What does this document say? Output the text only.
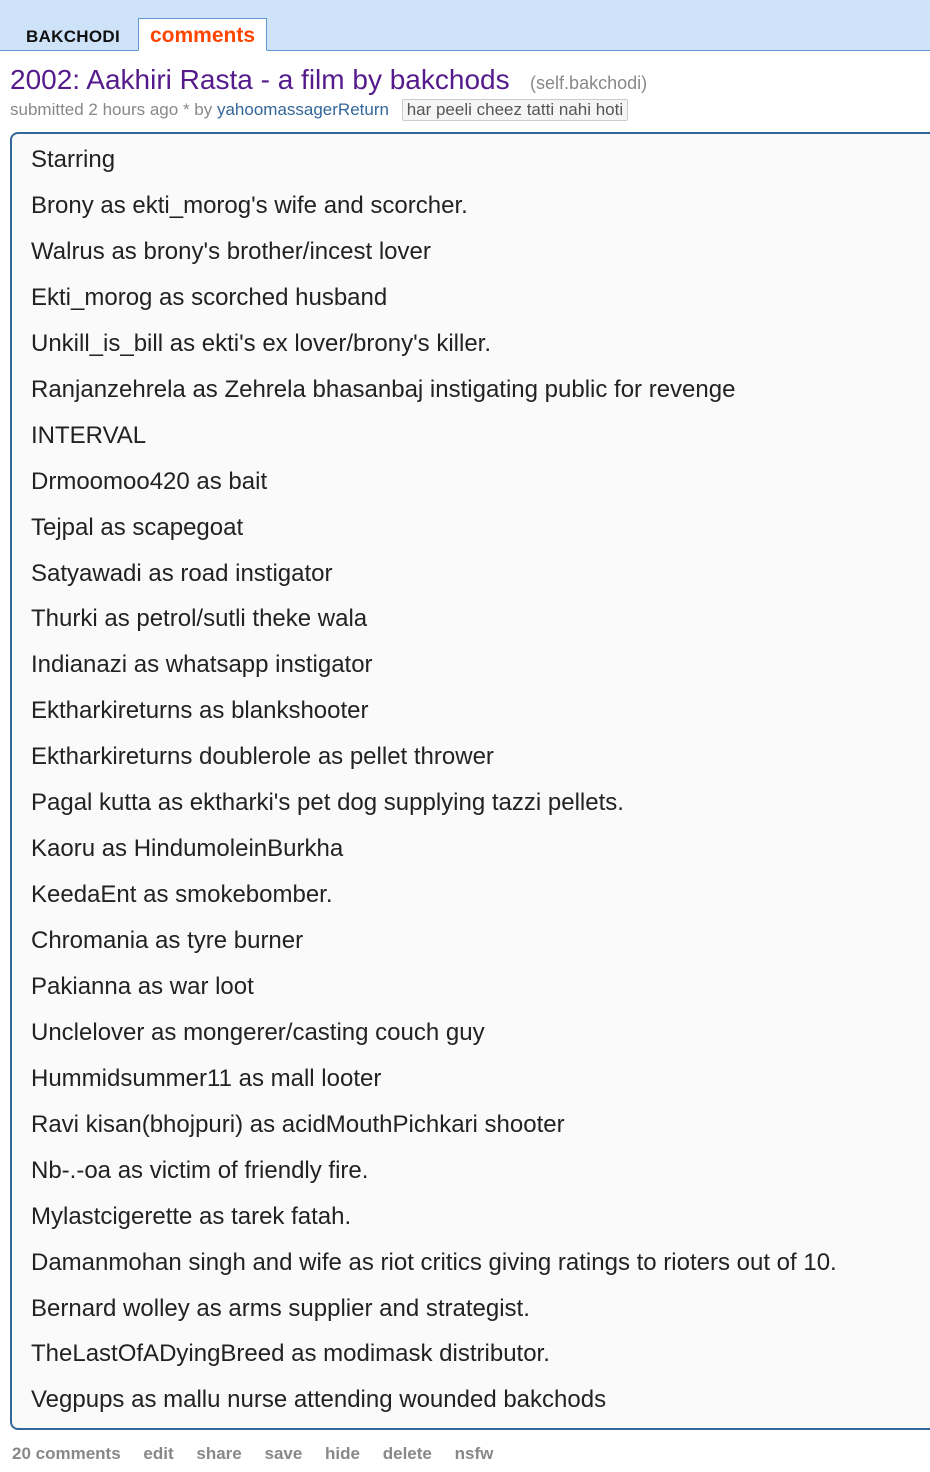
BAKCHODI	comments
2002: Aakhiri Rasta - a film by bakchods (self.bakchodi)
submitted 2 hours ago * by yahoomassagerReturn har peeli cheez tatti nahi hoti
Starring
Brony as ekti_morog's wife and scorcher.
Walrus as brony's brother/incest lover
Ekti_morog as scorched husband
Unkill_is_bill as ekti's ex lover/brony's killer.
Ranjanzehrela as Zehrela bhasanbaj instigating public for revenge
INTERVAL
Drmoomoo420 as bait
Tejpal as scapegoat
Satyawadi as road instigator
Thurki as petrol/sutli theke wala
Indianazi as whatsapp instigator
Ektharkireturns as blankshooter
Ektharkireturns doublerole as pellet thrower
Pagal kutta as ektharki's pet dog supplying tazzi pellets.
Kaoru as HindumoleinBurkha
KeedaEnt as smokebomber.
Chromania as tyre burner
Pakianna as war loot
Unclelover as mongerer/casting couch guy
Hummidsummer11 as mall looter
Ravi kisan(bhojpuri) as acidMouthPichkari shooter
Nb-.-oa as victim of friendly fire.
Mylastcigerette as tarek fatah.
Damanmohan singh and wife as riot critics giving ratings to rioters out of 10.
Bernard wolley as arms supplier and strategist.
TheLastOfADyingBreed as modimask distributor.
Vegpups as mallu nurse attending wounded bakchods
20 comments edit share save hide delete nsfw
